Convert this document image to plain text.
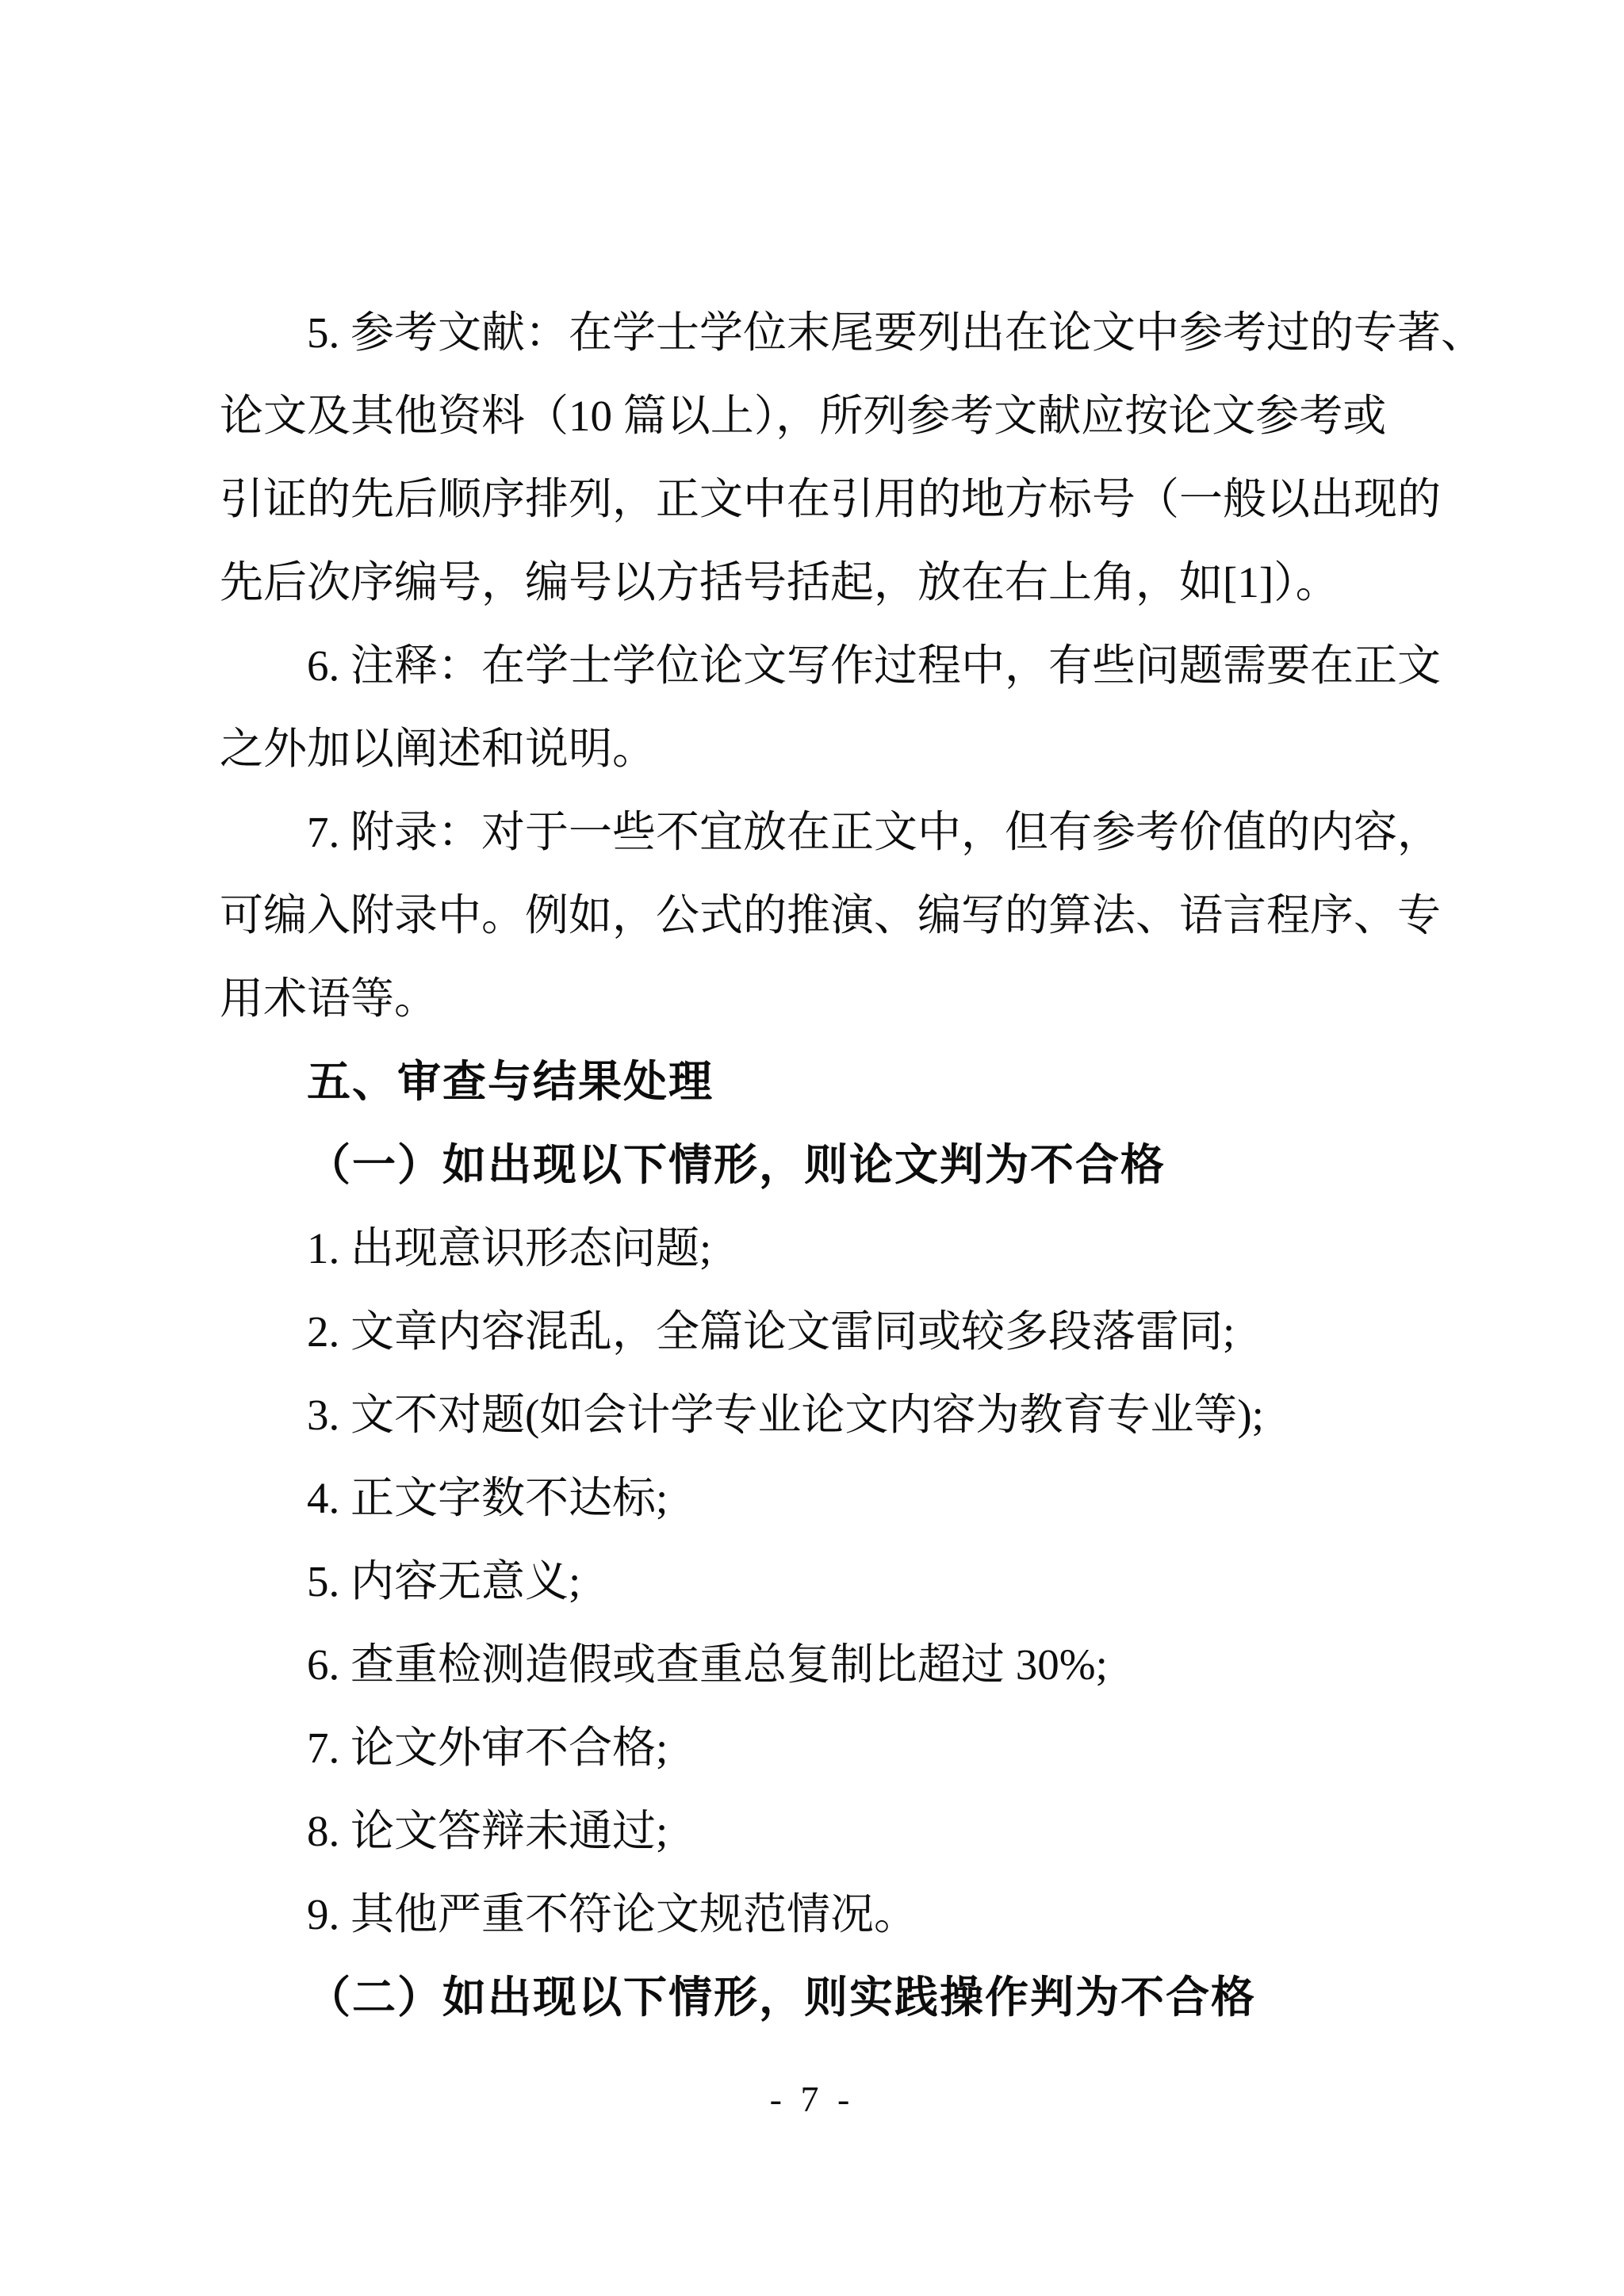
5. 参考文献：在学士学位末尾要列出在论文中参考过的专著、
论文及其他资料（10 篇以上），所列参考文献应按论文参考或
引证的先后顺序排列，正文中在引用的地方标号（一般以出现的
先后次序编号，编号以方括号括起，放在右上角，如[1]）。
6. 注释：在学士学位论文写作过程中，有些问题需要在正文
之外加以阐述和说明。
7. 附录：对于一些不宜放在正文中，但有参考价值的内容，
可编入附录中。例如，公式的推演、编写的算法、语言程序、专
用术语等。
五、审查与结果处理
（一）如出现以下情形，则论文判为不合格
1. 出现意识形态问题;
2. 文章内容混乱，全篇论文雷同或较多段落雷同;
3. 文不对题(如会计学专业论文内容为教育专业等);
4. 正文字数不达标;
5. 内容无意义;
6. 查重检测造假或查重总复制比超过 30%;
7. 论文外审不合格;
8. 论文答辩未通过;
9. 其他严重不符论文规范情况。
（二）如出现以下情形，则实践操作判为不合格
- 7 -
